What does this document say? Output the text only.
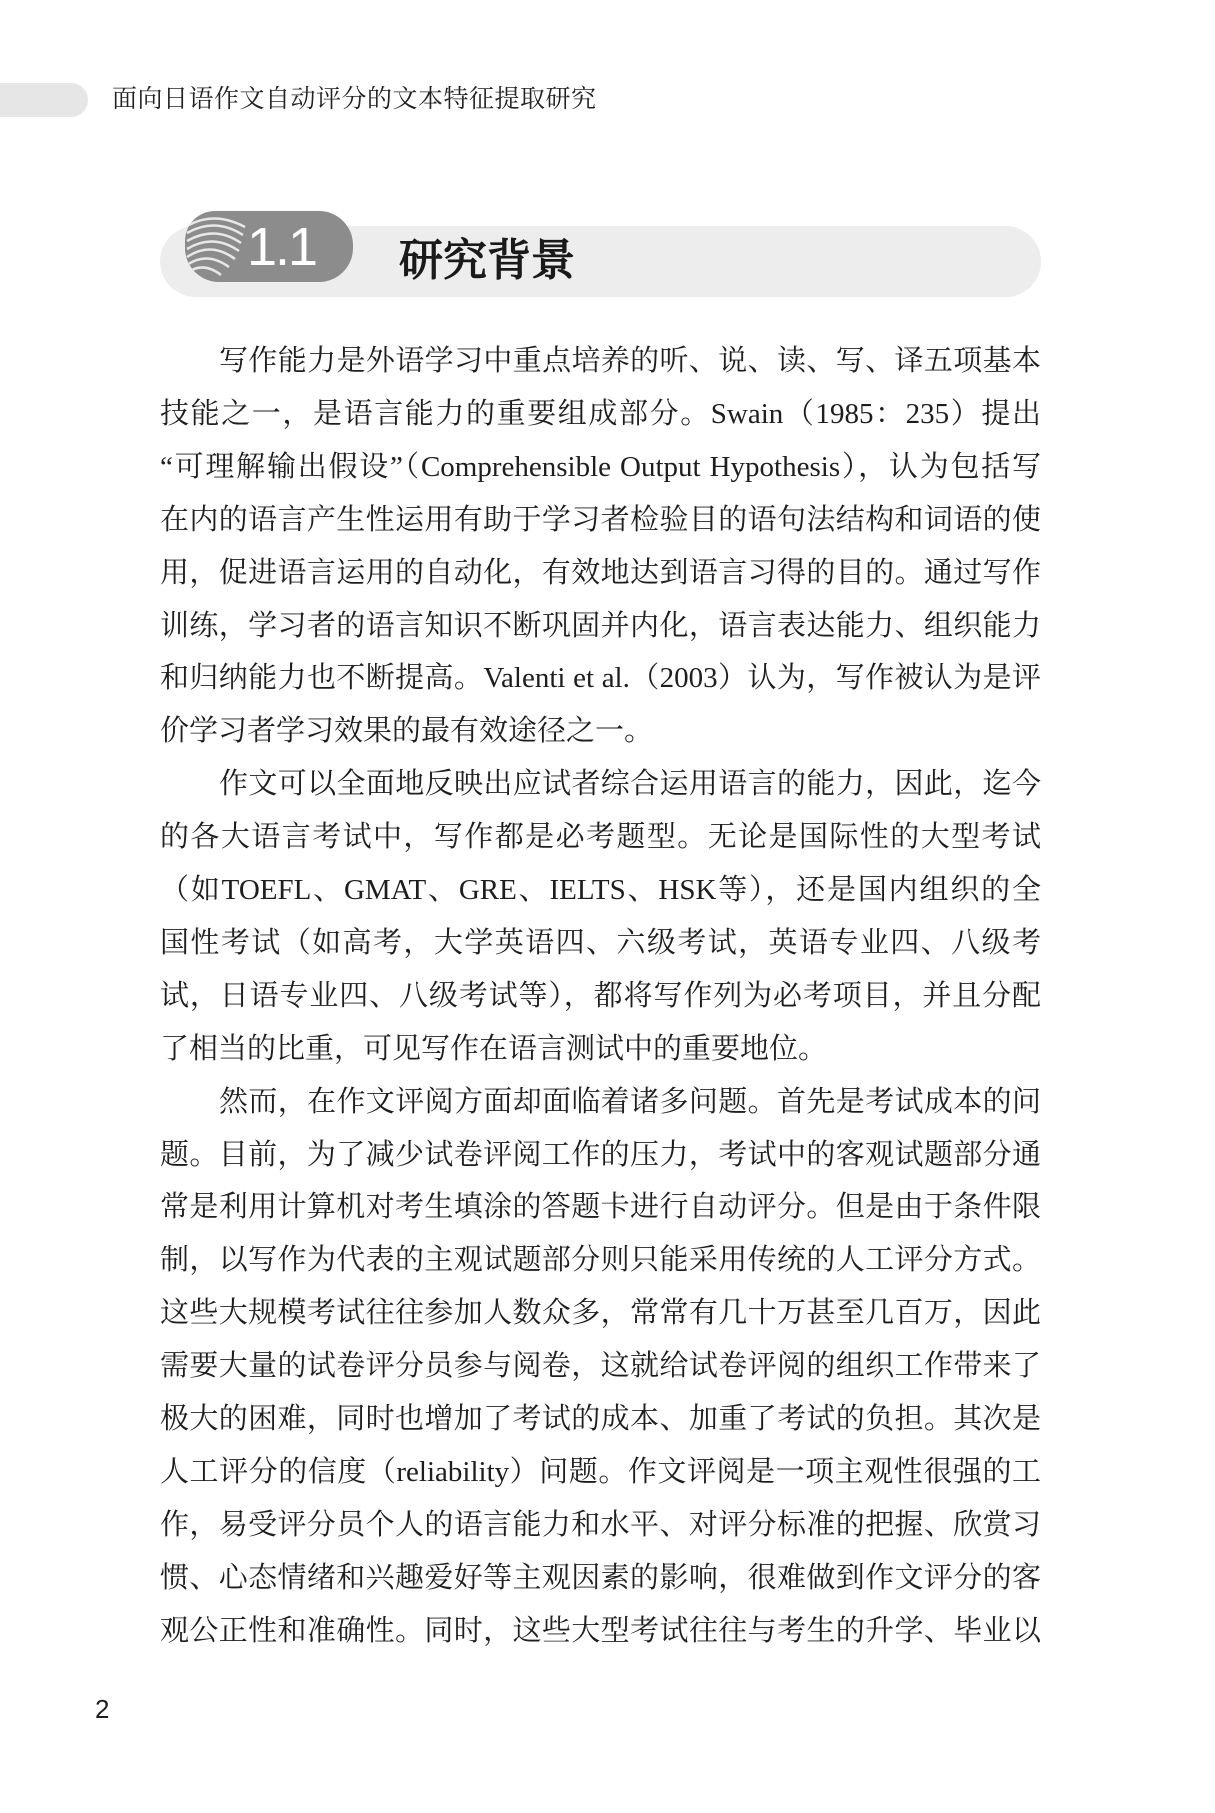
面向日语作文自动评分的文本特征提取研究
1.1 研究背景
写作能力是外语学习中重点培养的听、说、读、写、译五项基本
技能之一，是语言能力的重要组成部分。Swain（1985：235）提出
“可理解输出假设”（Comprehensible Output Hypothesis），认为包括写
在内的语言产生性运用有助于学习者检验目的语句法结构和词语的使
用，促进语言运用的自动化，有效地达到语言习得的目的。通过写作
训练，学习者的语言知识不断巩固并内化，语言表达能力、组织能力
和归纳能力也不断提高。Valenti et al.（2003）认为，写作被认为是评
价学习者学习效果的最有效途径之一。
作文可以全面地反映出应试者综合运用语言的能力，因此，迄今
的各大语言考试中，写作都是必考题型。无论是国际性的大型考试
（如TOEFL、GMAT、GRE、IELTS、HSK等），还是国内组织的全
国性考试（如高考，大学英语四、六级考试，英语专业四、八级考
试，日语专业四、八级考试等），都将写作列为必考项目，并且分配
了相当的比重，可见写作在语言测试中的重要地位。
然而，在作文评阅方面却面临着诸多问题。首先是考试成本的问
题。目前，为了减少试卷评阅工作的压力，考试中的客观试题部分通
常是利用计算机对考生填涂的答题卡进行自动评分。但是由于条件限
制，以写作为代表的主观试题部分则只能采用传统的人工评分方式。
这些大规模考试往往参加人数众多，常常有几十万甚至几百万，因此
需要大量的试卷评分员参与阅卷，这就给试卷评阅的组织工作带来了
极大的困难，同时也增加了考试的成本、加重了考试的负担。其次是
人工评分的信度（reliability）问题。作文评阅是一项主观性很强的工
作，易受评分员个人的语言能力和水平、对评分标准的把握、欣赏习
惯、心态情绪和兴趣爱好等主观因素的影响，很难做到作文评分的客
观公正性和准确性。同时，这些大型考试往往与考生的升学、毕业以
2
